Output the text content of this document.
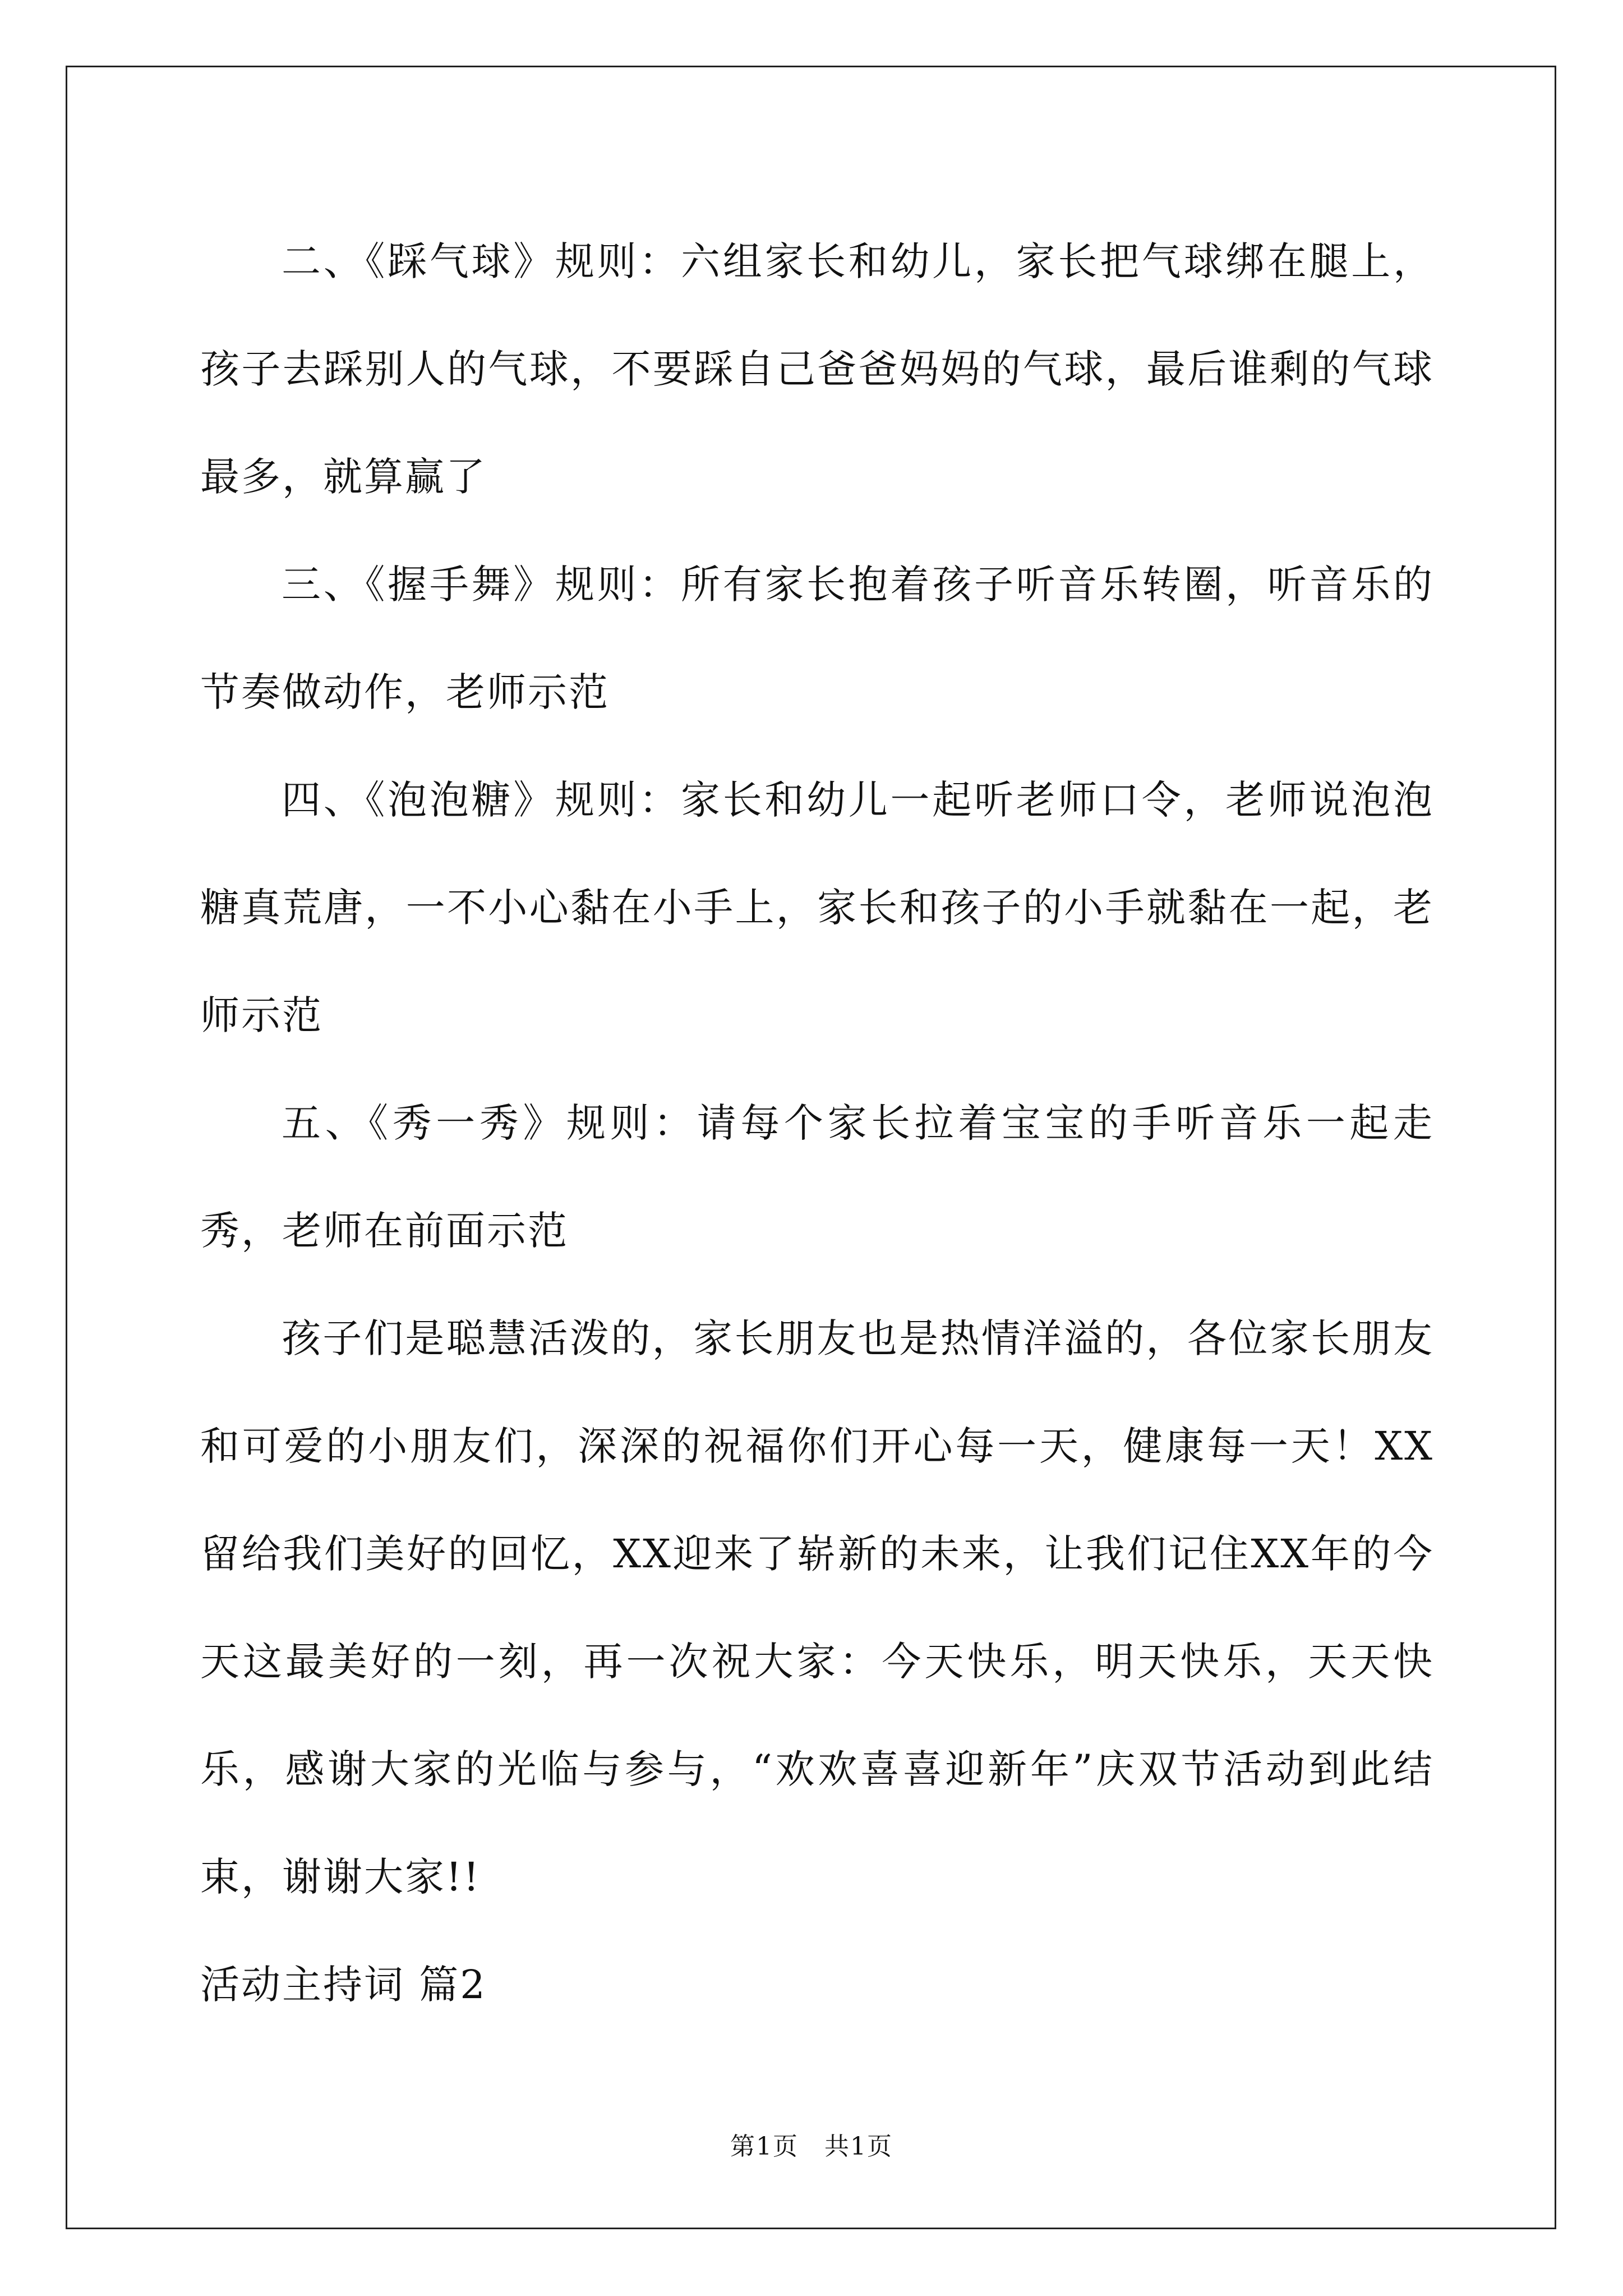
二、《踩气球》规则：六组家长和幼儿，家长把气球绑在腿上，孩子去踩别人的气球，不要踩自己爸爸妈妈的气球，最后谁剩的气球最多，就算赢了

三、《握手舞》规则：所有家长抱着孩子听音乐转圈，听音乐的节奏做动作，老师示范

四、《泡泡糖》规则：家长和幼儿一起听老师口令，老师说泡泡糖真荒唐，一不小心黏在小手上，家长和孩子的小手就黏在一起，老师示范

五、《秀一秀》规则：请每个家长拉着宝宝的手听音乐一起走秀，老师在前面示范

孩子们是聪慧活泼的，家长朋友也是热情洋溢的，各位家长朋友和可爱的小朋友们，深深的祝福你们开心每一天，健康每一天！XX留给我们美好的回忆，XX迎来了崭新的未来，让我们记住XX年的今天这最美好的一刻，再一次祝大家：今天快乐，明天快乐，天天快乐，感谢大家的光临与参与，“欢欢喜喜迎新年”庆双节活动到此结束，谢谢大家!!

活动主持词 篇2

第1页　共1页
